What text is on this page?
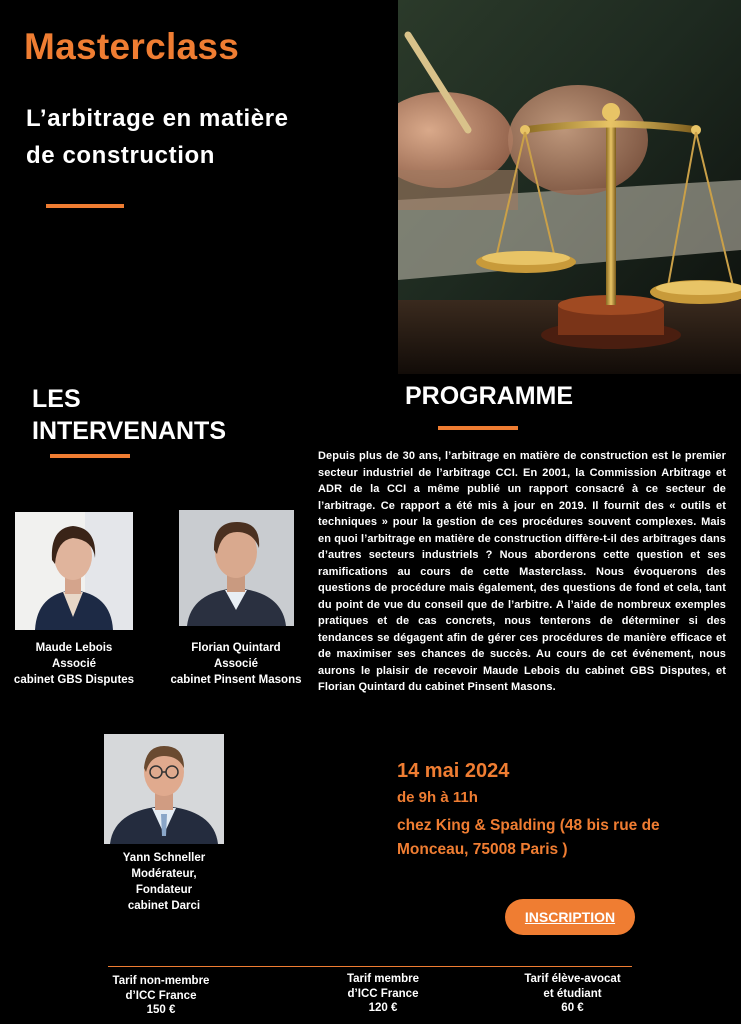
Masterclass
L’arbitrage en matière
de construction
LES
INTERVENANTS
PROGRAMME
Maude Lebois
Associé
cabinet GBS Disputes
Florian Quintard
Associé
cabinet Pinsent Masons
Yann Schneller
Modérateur,
Fondateur
cabinet Darci
Depuis plus de 30 ans, l’arbitrage en matière de construction est le premier secteur industriel de l’arbitrage CCI. En 2001, la Commission Arbitrage et ADR de la CCI a même publié un rapport consacré à ce secteur de l’arbitrage. Ce rapport a été mis à jour en 2019. Il fournit des « outils et techniques » pour la gestion de ces procédures souvent complexes. Mais en quoi l’arbitrage en matière de construction diffère-t-il des arbitrages dans d’autres secteurs industriels ? Nous aborderons cette question et ses ramifications au cours de cette Masterclass. Nous évoquerons des questions de procédure mais également, des questions de fond et cela, tant du point de vue du conseil que de l’arbitre. A l’aide de nombreux exemples pratiques et de cas concrets, nous tenterons de déterminer si des tendances se dégagent afin de gérer ces procédures de manière efficace et de maximiser ses chances de succès. Au cours de cet événement, nous aurons le plaisir de recevoir Maude Lebois du cabinet GBS Disputes, et Florian Quintard du cabinet Pinsent Masons.
14 mai 2024
de 9h à 11h
chez King & Spalding (48 bis rue de
Monceau, 75008 Paris )
INSCRIPTION
Tarif non-membre
d’ICC France
150 €
Tarif membre
d’ICC France
120 €
Tarif élève-avocat
et étudiant
60 €
